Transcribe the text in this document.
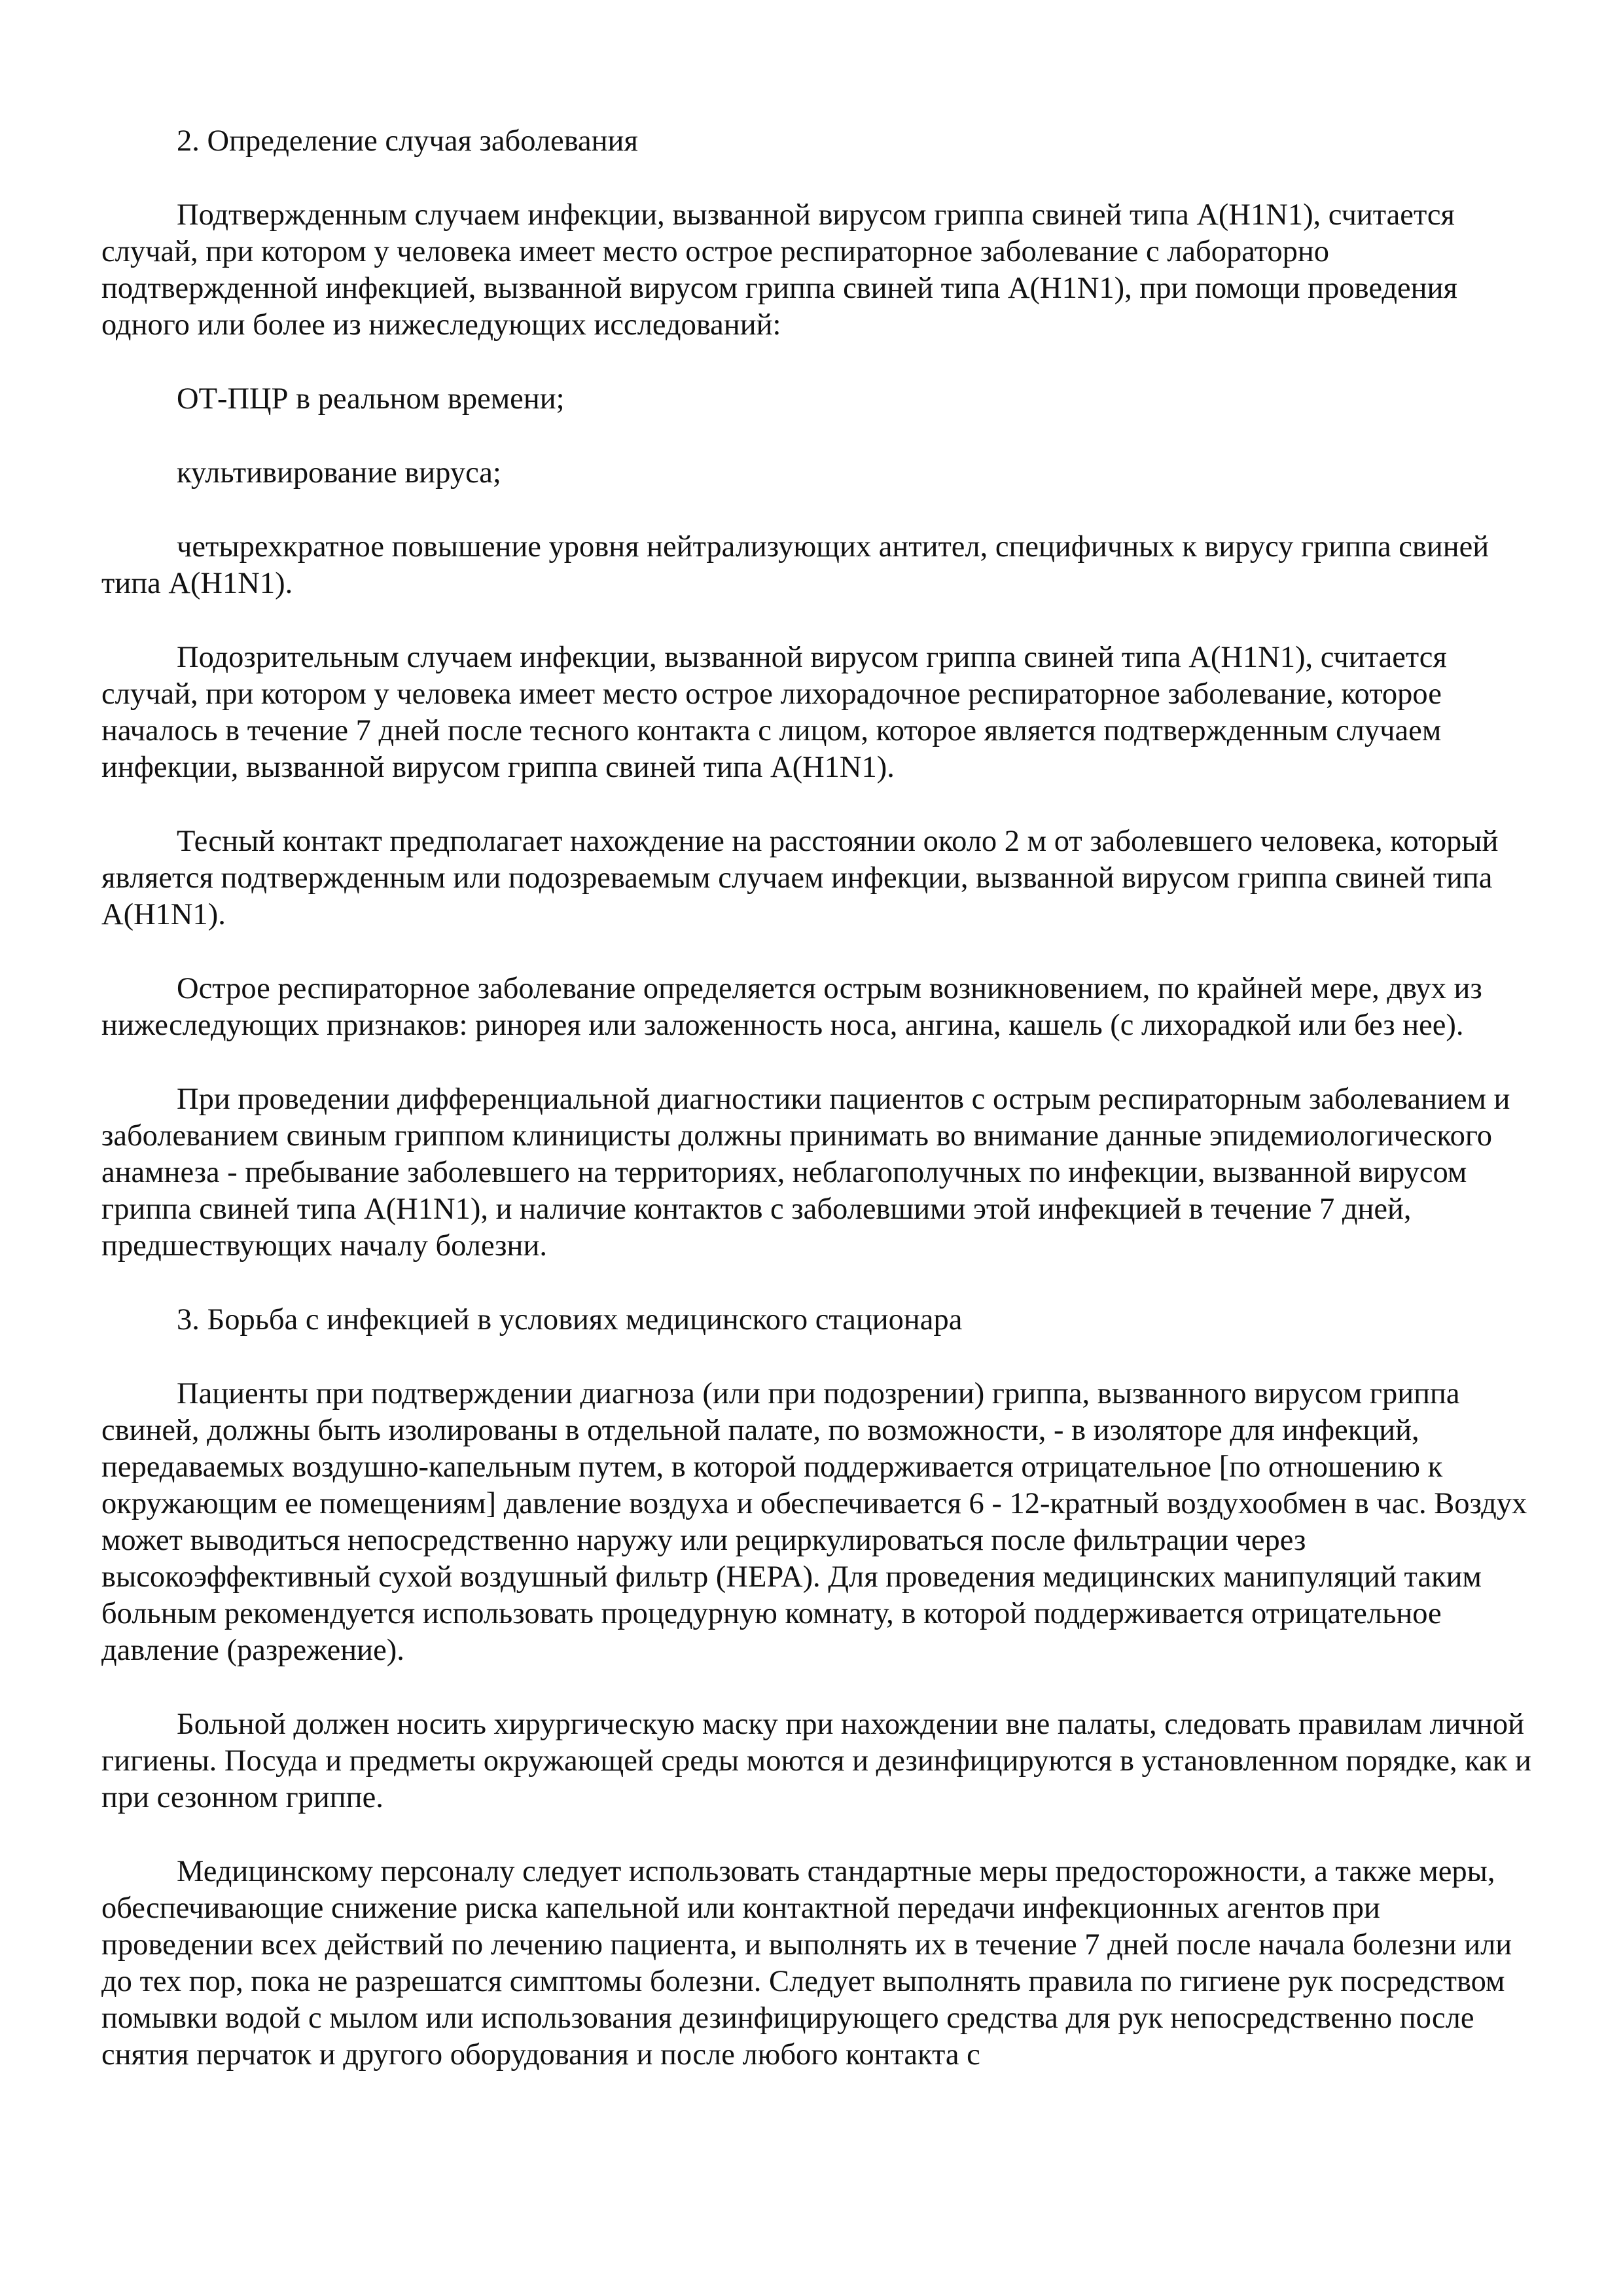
2. Определение случая заболевания

Подтвержденным случаем инфекции, вызванной вирусом гриппа свиней типа A(H1N1), считается случай, при котором у человека имеет место острое респираторное заболевание с лабораторно подтвержденной инфекцией, вызванной вирусом гриппа свиней типа A(H1N1), при помощи проведения одного или более из нижеследующих исследований:

ОТ-ПЦР в реальном времени;

культивирование вируса;

четырехкратное повышение уровня нейтрализующих антител, специфичных к вирусу гриппа свиней типа A(H1N1).

Подозрительным случаем инфекции, вызванной вирусом гриппа свиней типа A(H1N1), считается случай, при котором у человека имеет место острое лихорадочное респираторное заболевание, которое началось в течение 7 дней после тесного контакта с лицом, которое является подтвержденным случаем инфекции, вызванной вирусом гриппа свиней типа A(H1N1).

Тесный контакт предполагает нахождение на расстоянии около 2 м от заболевшего человека, который является подтвержденным или подозреваемым случаем инфекции, вызванной вирусом гриппа свиней типа A(H1N1).

Острое респираторное заболевание определяется острым возникновением, по крайней мере, двух из нижеследующих признаков: ринорея или заложенность носа, ангина, кашель (с лихорадкой или без нее).

При проведении дифференциальной диагностики пациентов с острым респираторным заболеванием и заболеванием свиным гриппом клиницисты должны принимать во внимание данные эпидемиологического анамнеза - пребывание заболевшего на территориях, неблагополучных по инфекции, вызванной вирусом гриппа свиней типа A(H1N1), и наличие контактов с заболевшими этой инфекцией в течение 7 дней, предшествующих началу болезни.

3. Борьба с инфекцией в условиях медицинского стационара

Пациенты при подтверждении диагноза (или при подозрении) гриппа, вызванного вирусом гриппа свиней, должны быть изолированы в отдельной палате, по возможности, - в изоляторе для инфекций, передаваемых воздушно-капельным путем, в которой поддерживается отрицательное [по отношению к окружающим ее помещениям] давление воздуха и обеспечивается 6 - 12-кратный воздухообмен в час. Воздух может выводиться непосредственно наружу или рециркулироваться после фильтрации через высокоэффективный сухой воздушный фильтр (HEPA). Для проведения медицинских манипуляций таким больным рекомендуется использовать процедурную комнату, в которой поддерживается отрицательное давление (разрежение).

Больной должен носить хирургическую маску при нахождении вне палаты, следовать правилам личной гигиены. Посуда и предметы окружающей среды моются и дезинфицируются в установленном порядке, как и при сезонном гриппе.

Медицинскому персоналу следует использовать стандартные меры предосторожности, а также меры, обеспечивающие снижение риска капельной или контактной передачи инфекционных агентов при проведении всех действий по лечению пациента, и выполнять их в течение 7 дней после начала болезни или до тех пор, пока не разрешатся симптомы болезни. Следует выполнять правила по гигиене рук посредством помывки водой с мылом или использования дезинфицирующего средства для рук непосредственно после снятия перчаток и другого оборудования и после любого контакта с
